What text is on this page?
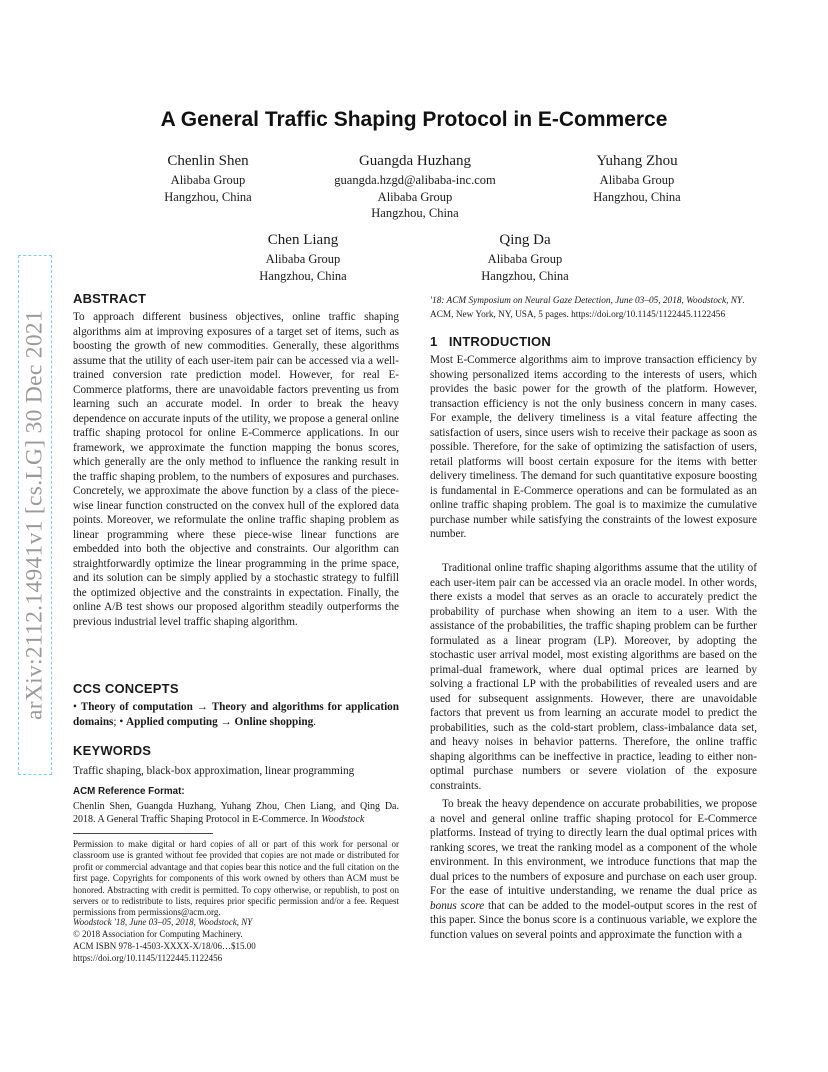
arXiv:2112.14941v1 [cs.LG] 30 Dec 2021
A General Traffic Shaping Protocol in E-Commerce
Chenlin Shen
Alibaba Group
Hangzhou, China
Guangda Huzhang
guangda.hzgd@alibaba-inc.com
Alibaba Group
Hangzhou, China
Yuhang Zhou
Alibaba Group
Hangzhou, China
Chen Liang
Alibaba Group
Hangzhou, China
Qing Da
Alibaba Group
Hangzhou, China
ABSTRACT

To approach different business objectives, online traffic shaping algorithms aim at improving exposures of a target set of items, such as boosting the growth of new commodities. Generally, these algorithms assume that the utility of each user-item pair can be accessed via a well-trained conversion rate prediction model. However, for real E-Commerce platforms, there are unavoidable factors preventing us from learning such an accurate model. In order to break the heavy dependence on accurate inputs of the utility, we propose a general online traffic shaping protocol for online E-Commerce applications. In our framework, we approximate the function mapping the bonus scores, which generally are the only method to influence the ranking result in the traffic shaping problem, to the numbers of exposures and purchases. Concretely, we approximate the above function by a class of the piece-wise linear function constructed on the convex hull of the explored data points. Moreover, we reformulate the online traffic shaping problem as linear programming where these piece-wise linear functions are embedded into both the objective and constraints. Our algorithm can straightforwardly optimize the linear programming in the prime space, and its solution can be simply applied by a stochastic strategy to fulfill the optimized objective and the constraints in expectation. Finally, the online A/B test shows our proposed algorithm steadily outperforms the previous industrial level traffic shaping algorithm.

CCS CONCEPTS

• Theory of computation → Theory and algorithms for application domains; • Applied computing → Online shopping.

KEYWORDS

Traffic shaping, black-box approximation, linear programming

ACM Reference Format:

Chenlin Shen, Guangda Huzhang, Yuhang Zhou, Chen Liang, and Qing Da. 2018. A General Traffic Shaping Protocol in E-Commerce. In Woodstock

Permission to make digital or hard copies of all or part of this work for personal or classroom use is granted without fee provided that copies are not made or distributed for profit or commercial advantage and that copies bear this notice and the full citation on the first page. Copyrights for components of this work owned by others than ACM must be honored. Abstracting with credit is permitted. To copy otherwise, or republish, to post on servers or to redistribute to lists, requires prior specific permission and/or a fee. Request permissions from permissions@acm.org.

Woodstock '18, June 03–05, 2018, Woodstock, NY
© 2018 Association for Computing Machinery.
ACM ISBN 978-1-4503-XXXX-X/18/06…$15.00
https://doi.org/10.1145/1122445.1122456

'18: ACM Symposium on Neural Gaze Detection, June 03–05, 2018, Woodstock, NY. ACM, New York, NY, USA, 5 pages. https://doi.org/10.1145/1122445.1122456

1   INTRODUCTION

Most E-Commerce algorithms aim to improve transaction efficiency by showing personalized items according to the interests of users, which provides the basic power for the growth of the platform. However, transaction efficiency is not the only business concern in many cases. For example, the delivery timeliness is a vital feature affecting the satisfaction of users, since users wish to receive their package as soon as possible. Therefore, for the sake of optimizing the satisfaction of users, retail platforms will boost certain exposure for the items with better delivery timeliness. The demand for such quantitative exposure boosting is fundamental in E-Commerce operations and can be formulated as an online traffic shaping problem. The goal is to maximize the cumulative purchase number while satisfying the constraints of the lowest exposure number.

Traditional online traffic shaping algorithms assume that the utility of each user-item pair can be accessed via an oracle model. In other words, there exists a model that serves as an oracle to accurately predict the probability of purchase when showing an item to a user. With the assistance of the probabilities, the traffic shaping problem can be further formulated as a linear program (LP). Moreover, by adopting the stochastic user arrival model, most existing algorithms are based on the primal-dual framework, where dual optimal prices are learned by solving a fractional LP with the probabilities of revealed users and are used for subsequent assignments. However, there are unavoidable factors that prevent us from learning an accurate model to predict the probabilities, such as the cold-start problem, class-imbalance data set, and heavy noises in behavior patterns. Therefore, the online traffic shaping algorithms can be ineffective in practice, leading to either non-optimal purchase numbers or severe violation of the exposure constraints.

To break the heavy dependence on accurate probabilities, we propose a novel and general online traffic shaping protocol for E-Commerce platforms. Instead of trying to directly learn the dual optimal prices with ranking scores, we treat the ranking model as a component of the whole environment. In this environment, we introduce functions that map the dual prices to the numbers of exposure and purchase on each user group. For the ease of intuitive understanding, we rename the dual price as bonus score that can be added to the model-output scores in the rest of this paper. Since the bonus score is a continuous variable, we explore the function values on several points and approximate the function with a
